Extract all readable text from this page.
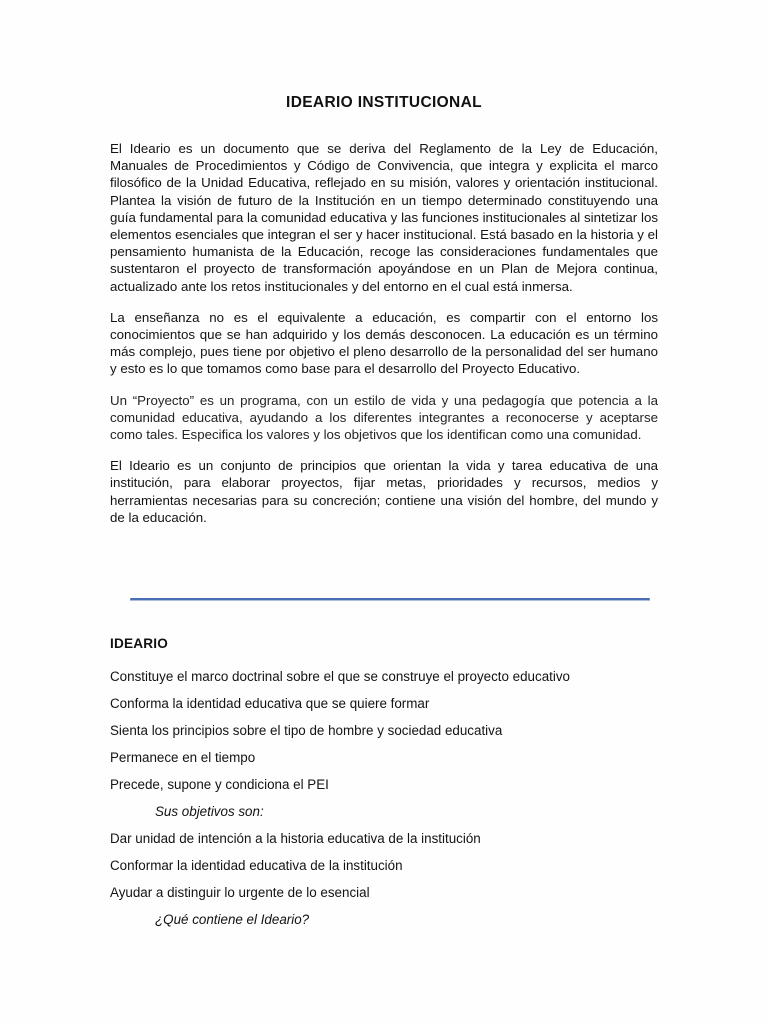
IDEARIO INSTITUCIONAL

El Ideario es un documento que se deriva del Reglamento de la Ley de Educación, Manuales de Procedimientos y Código de Convivencia, que integra y explicita el marco filosófico de la Unidad Educativa, reflejado en su misión, valores y orientación institucional. Plantea la visión de futuro de la Institución en un tiempo determinado constituyendo una guía fundamental para la comunidad educativa y las funciones institucionales al sintetizar los elementos esenciales que integran el ser y hacer institucional. Está basado en la historia y el pensamiento humanista de la Educación, recoge las consideraciones fundamentales que sustentaron el proyecto de transformación apoyándose en un Plan de Mejora continua, actualizado ante los retos institucionales y del entorno en el cual está inmersa.

La enseñanza no es el equivalente a educación, es compartir con el entorno los conocimientos que se han adquirido y los demás desconocen. La educación es un término más complejo, pues tiene por objetivo el pleno desarrollo de la personalidad del ser humano y esto es lo que tomamos como base para el desarrollo del Proyecto Educativo.

Un “Proyecto” es un programa, con un estilo de vida y una pedagogía que potencia a la comunidad educativa, ayudando a los diferentes integrantes a reconocerse y aceptarse como tales. Especifica los valores y los objetivos que los identifican como una comunidad.

El Ideario es un conjunto de principios que orientan la vida y tarea educativa de una institución, para elaborar proyectos, fijar metas, prioridades y recursos, medios y herramientas necesarias para su concreción; contiene una visión del hombre, del mundo y de la educación.

IDEARIO
Constituye el marco doctrinal sobre el que se construye el proyecto educativo
Conforma la identidad educativa que se quiere formar
Sienta los principios sobre el tipo de hombre y sociedad educativa
Permanece en el tiempo
Precede, supone y condiciona el PEI
Sus objetivos son:
Dar unidad de intención a la historia educativa de la institución
Conformar la identidad educativa de la institución
Ayudar a distinguir lo urgente de lo esencial
¿Qué contiene el Ideario?
